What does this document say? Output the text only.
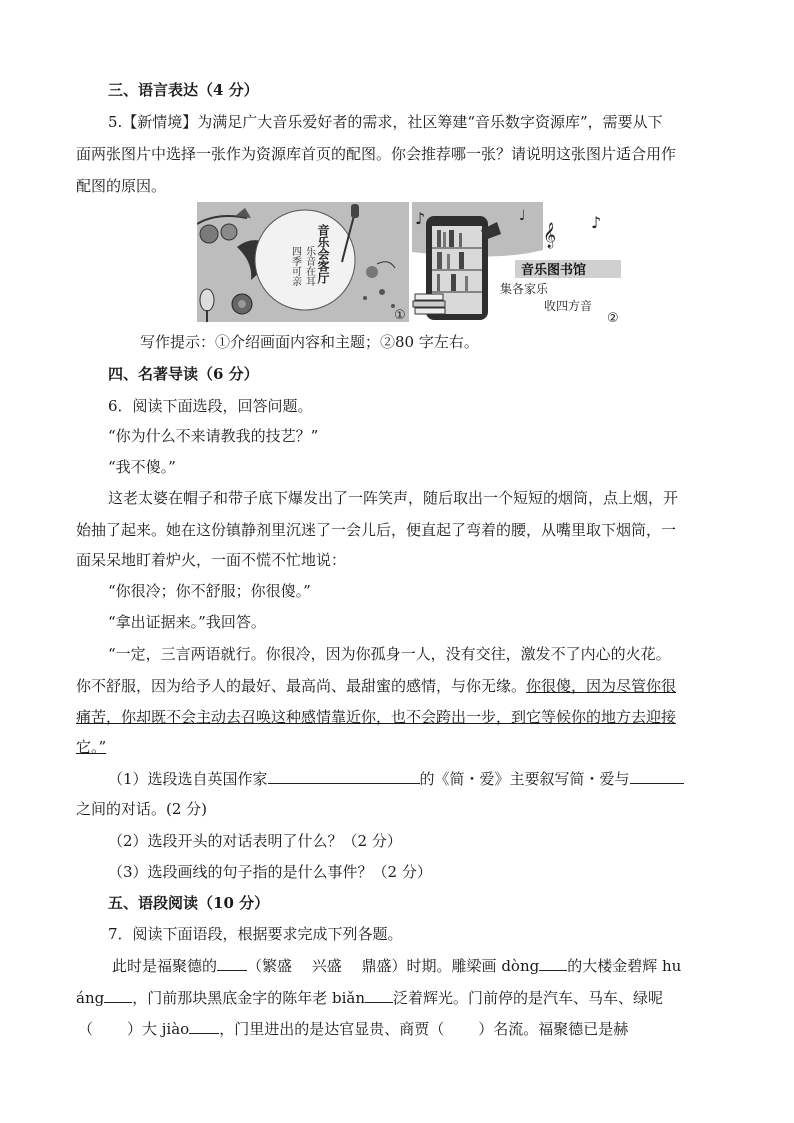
三、语言表达（4 分）
5.【新情境】为满足广大音乐爱好者的需求，社区筹建“音乐数字资源库”，需要从下
面两张图片中选择一张作为资源库首页的配图。你会推荐哪一张？请说明这张图片适合用作
配图的原因。
音乐会客厅
四季可亲 乐音在耳
①
♪	♩
𝄞
♪
音乐图书馆
集各家乐
收四方音
②
写作提示：①介绍画面内容和主题；②80 字左右。
四、名著导读（6 分）
6．阅读下面选段，回答问题。
“你为什么不来请教我的技艺？”
“我不傻。”
这老太婆在帽子和带子底下爆发出了一阵笑声，随后取出一个短短的烟筒，点上烟，开
始抽了起来。她在这份镇静剂里沉迷了一会儿后，便直起了弯着的腰，从嘴里取下烟筒，一
面呆呆地盯着炉火，一面不慌不忙地说：
“你很冷；你不舒服；你很傻。”
“拿出证据来。”我回答。
“一定，三言两语就行。你很冷，因为你孤身一人，没有交往，激发不了内心的火花。
你不舒服，因为给予人的最好、最高尚、最甜蜜的感情，与你无缘。你很傻，因为尽管你很
痛苦，你却既不会主动去召唤这种感情靠近你，也不会跨出一步，到它等候你的地方去迎接
它。”
（1）选段选自英国作家	的《简・爱》主要叙写简・爱与
之间的对话。(2 分)
（2）选段开头的对话表明了什么？（2 分）
（3）选段画线的句子指的是什么事件？（2 分）
五、语段阅读（10 分）
7．阅读下面语段，根据要求完成下列各题。
此时是福聚德的 （繁盛　 兴盛　 鼎盛）时期。雕梁画 dòng 的大楼金碧辉 hu
áng ，门前那块黑底金字的陈年老 biǎn 泛着辉光。门前停的是汽车、马车、绿呢
（ ）大 jiào ，门里进出的是达官显贵、商贾（ ）名流。福聚德已是赫
